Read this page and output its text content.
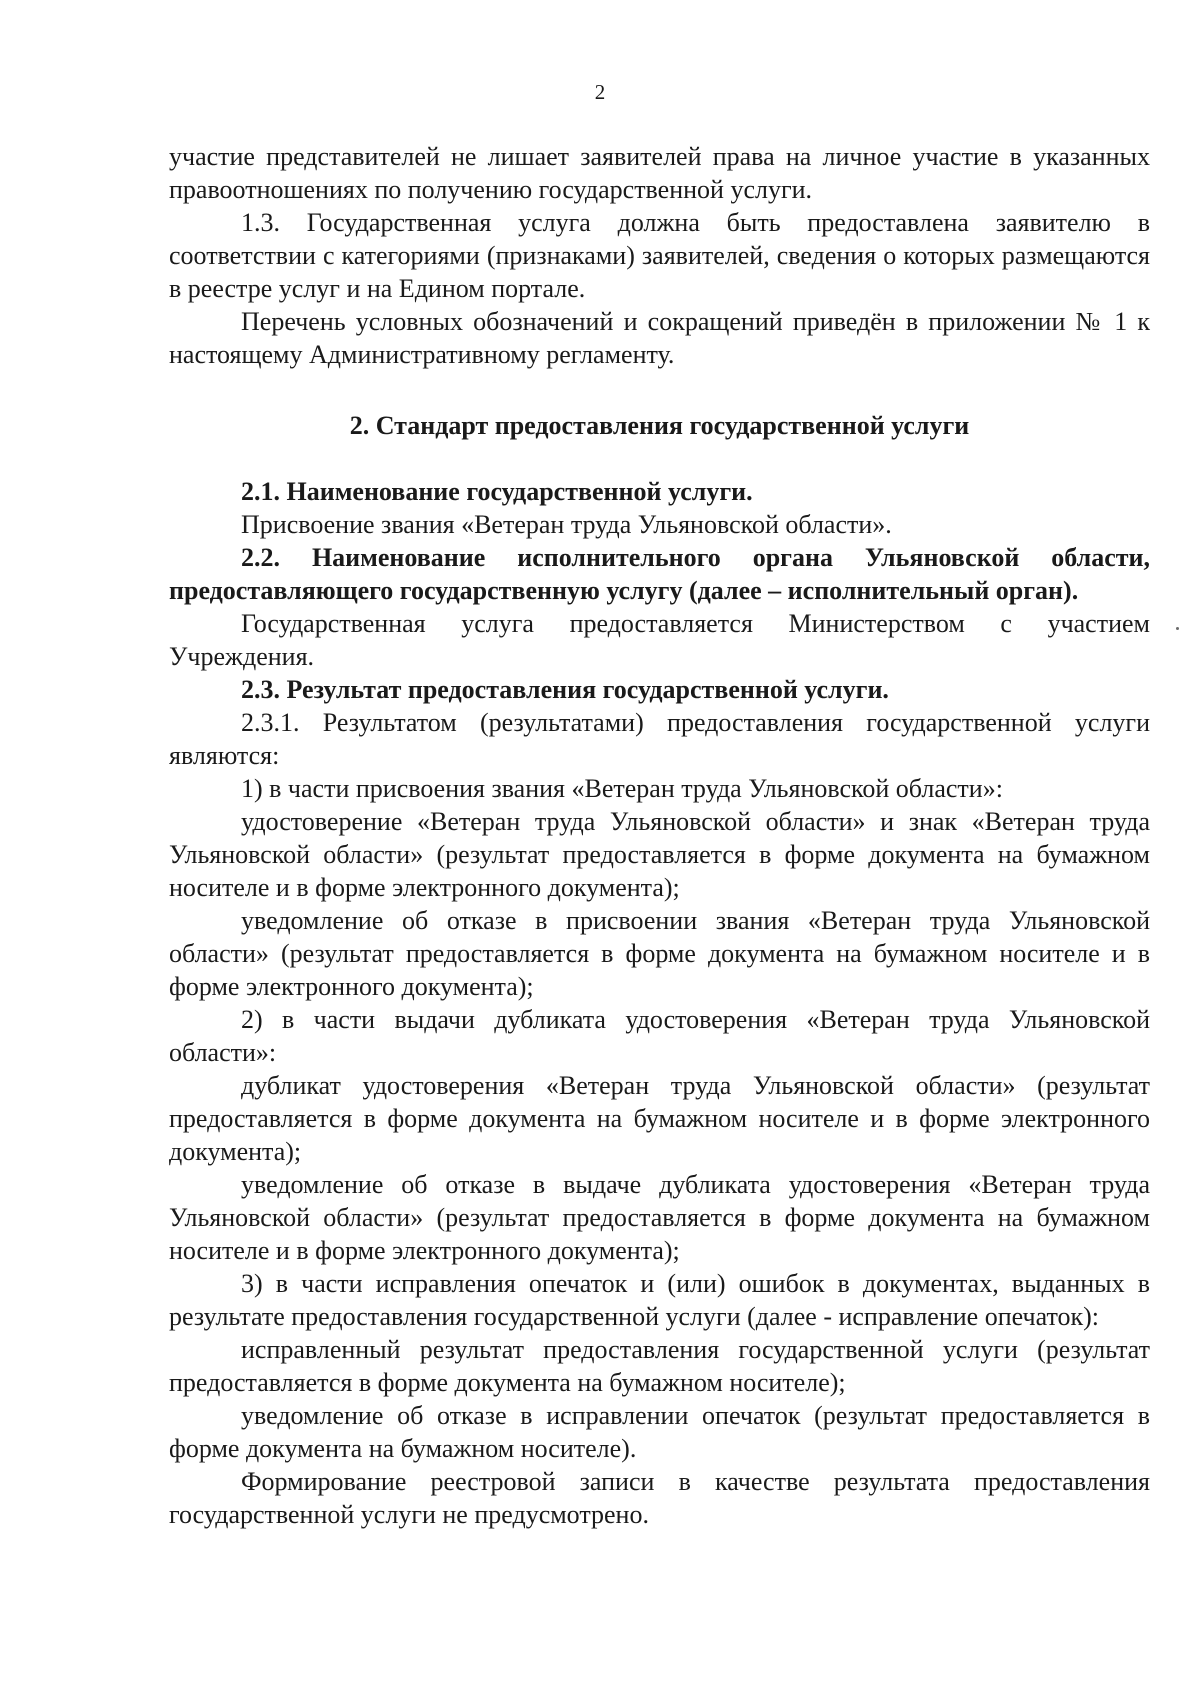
2

участие представителей не лишает заявителей права на личное участие в указанных правоотношениях по получению государственной услуги.

1.3. Государственная услуга должна быть предоставлена заявителю в соответствии с категориями (признаками) заявителей, сведения о которых размещаются в реестре услуг и на Едином портале.

Перечень условных обозначений и сокращений приведён в приложении № 1 к настоящему Административному регламенту.

2. Стандарт предоставления государственной услуги

2.1. Наименование государственной услуги.

Присвоение звания «Ветеран труда Ульяновской области».

2.2. Наименование исполнительного органа Ульяновской области, предоставляющего государственную услугу (далее – исполнительный орган).

Государственная услуга предоставляется Министерством с участием Учреждения.

2.3. Результат предоставления государственной услуги.

2.3.1. Результатом (результатами) предоставления государственной услуги являются:

1) в части присвоения звания «Ветеран труда Ульяновской области»:

удостоверение «Ветеран труда Ульяновской области» и знак «Ветеран труда Ульяновской области» (результат предоставляется в форме документа на бумажном носителе и в форме электронного документа);

уведомление об отказе в присвоении звания «Ветеран труда Ульяновской области» (результат предоставляется в форме документа на бумажном носителе и в форме электронного документа);

2) в части выдачи дубликата удостоверения «Ветеран труда Ульяновской области»:

дубликат удостоверения «Ветеран труда Ульяновской области» (результат предоставляется в форме документа на бумажном носителе и в форме электронного документа);

уведомление об отказе в выдаче дубликата удостоверения «Ветеран труда Ульяновской области» (результат предоставляется в форме документа на бумажном носителе и в форме электронного документа);

3) в части исправления опечаток и (или) ошибок в документах, выданных в результате предоставления государственной услуги (далее - исправление опечаток):

исправленный результат предоставления государственной услуги (результат предоставляется в форме документа на бумажном носителе);

уведомление об отказе в исправлении опечаток (результат предоставляется в форме документа на бумажном носителе).

Формирование реестровой записи в качестве результата предоставления государственной услуги не предусмотрено.
